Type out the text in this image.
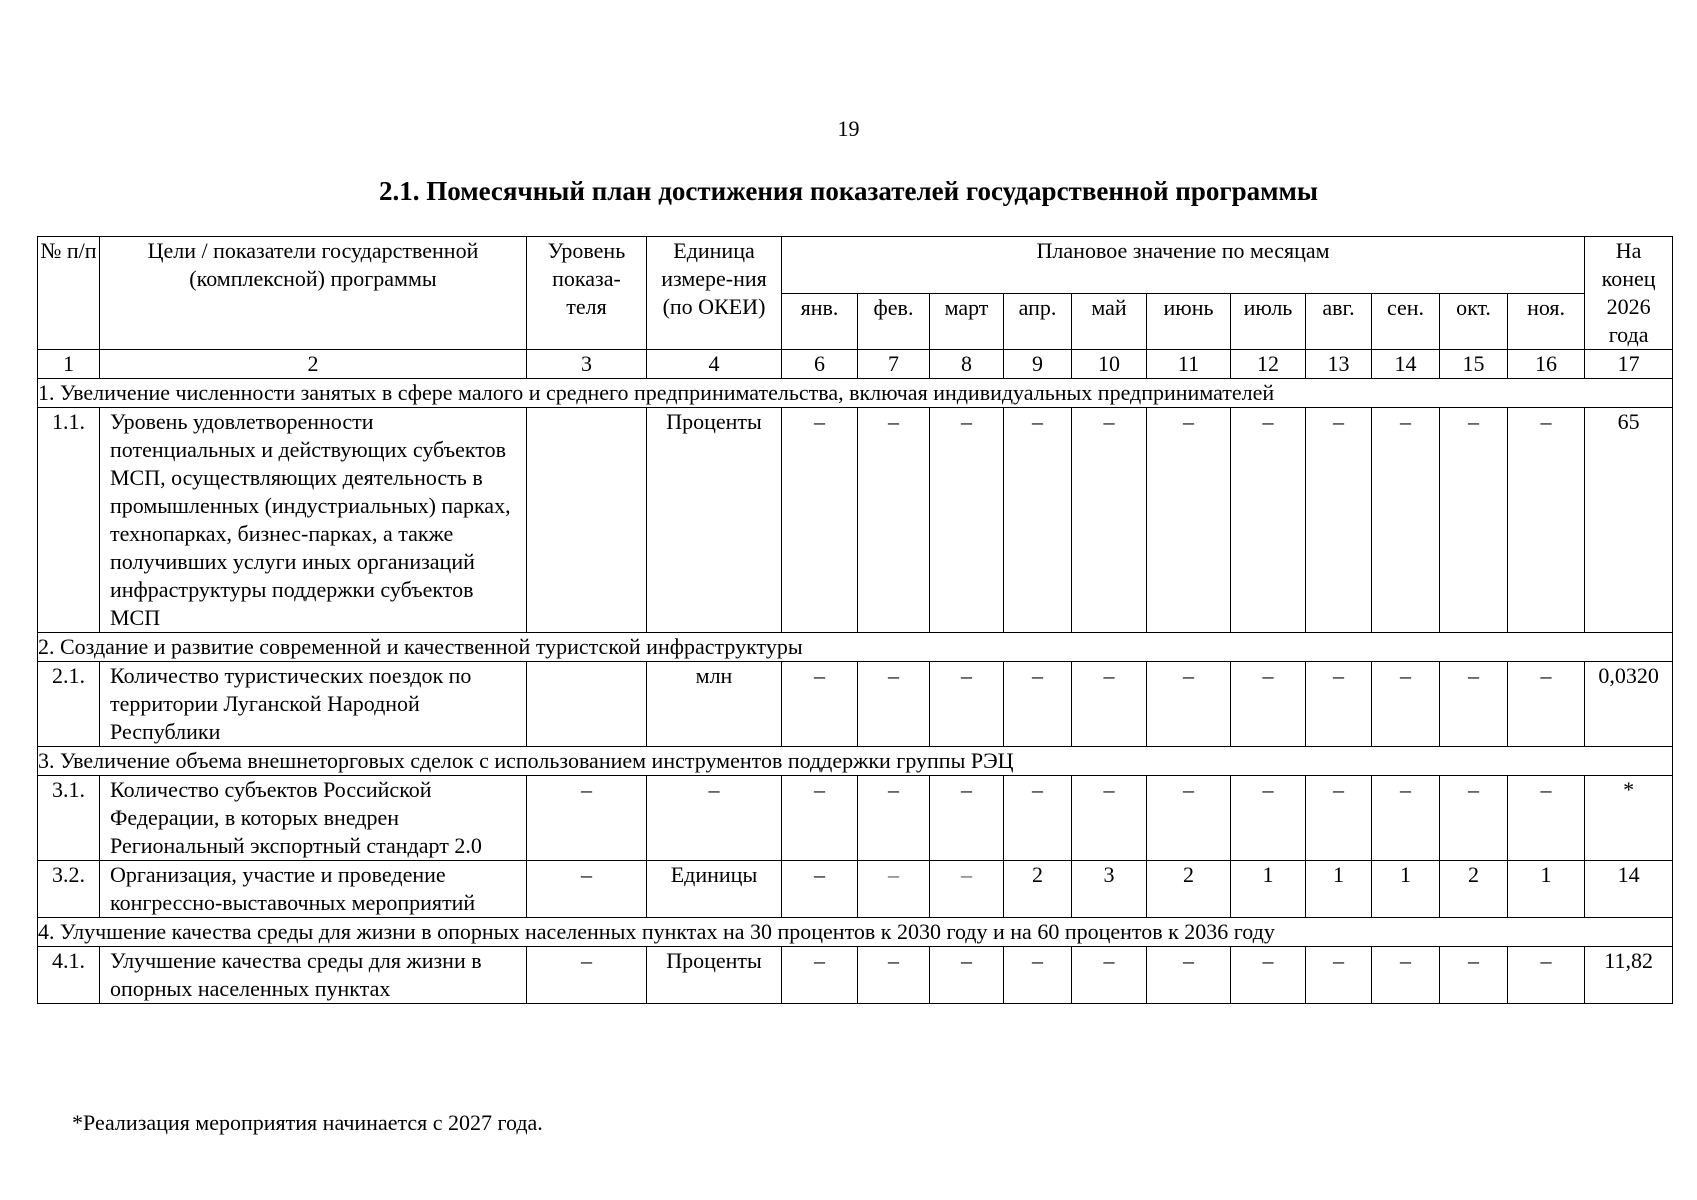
19
2.1. Помесячный план достижения показателей государственной программы
№ п/п	Цели / показатели государственной (комплексной) программы	Уровень показа-теля	Единица измере-ния (по ОКЕИ)	Плановое значение по месяцам											На конец 2026 года
				янв.	фев.	март	апр.	май	июнь	июль	авг.	сен.	окт.	ноя.	
1	2	3	4	6	7	8	9	10	11	12	13	14	15	16	17
1. Увеличение численности занятых в сфере малого и среднего предпринимательства, включая индивидуальных предпринимателей															
1.1.	Уровень удовлетворенности потенциальных и действующих субъектов МСП, осуществляющих деятельность в промышленных (индустриальных) парках, технопарках, бизнес-парках, а также получивших услуги иных организаций инфраструктуры поддержки субъектов МСП		Проценты	–	–	–	–	–	–	–	–	–	–	–	65
2. Создание и развитие современной и качественной туристской инфраструктуры															
2.1.	Количество туристических поездок по территории Луганской Народной Республики		млн	–	–	–	–	–	–	–	–	–	–	–	0,0320
3. Увеличение объема внешнеторговых сделок с использованием инструментов поддержки группы РЭЦ															
3.1.	Количество субъектов Российской Федерации, в которых внедрен Региональный экспортный стандарт 2.0	–	–	–	–	–	–	–	–	–	–	–	–	–	*
3.2.	Организация, участие и проведение конгрессно-выставочных мероприятий	–	Единицы	–	–	–	2	3	2	1	1	1	2	1	14
4. Улучшение качества среды для жизни в опорных населенных пунктах на 30 процентов к 2030 году и на 60 процентов к 2036 году															
4.1.	Улучшение качества среды для жизни в опорных населенных пунктах	–	Проценты	–	–	–	–	–	–	–	–	–	–	–	11,82
*Реализация мероприятия начинается с 2027 года.
